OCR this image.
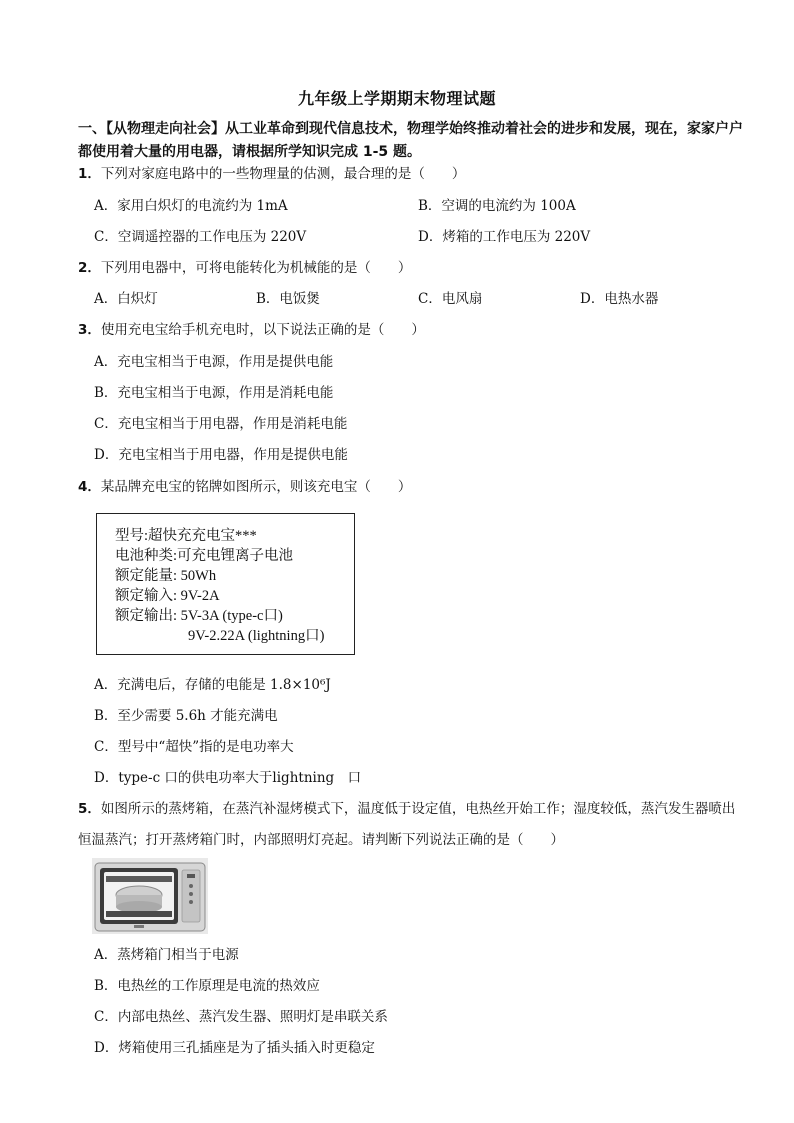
九年级上学期期末物理试题
一、【从物理走向社会】从工业革命到现代信息技术，物理学始终推动着社会的进步和发展，现在，家家户户都使用着大量的用电器，请根据所学知识完成 1-5 题。
1．下列对家庭电路中的一些物理量的估测，最合理的是（　　）
A．家用白炽灯的电流约为 1mA	B．空调的电流约为 100A
C．空调遥控器的工作电压为 220V	D．烤箱的工作电压为 220V
2．下列用电器中，可将电能转化为机械能的是（　　）
A．白炽灯	B．电饭煲	C．电风扇	D．电热水器
3．使用充电宝给手机充电时，以下说法正确的是（　　）
A．充电宝相当于电源，作用是提供电能
B．充电宝相当于电源，作用是消耗电能
C．充电宝相当于用电器，作用是消耗电能
D．充电宝相当于用电器，作用是提供电能
4．某品牌充电宝的铭牌如图所示，则该充电宝（　　）
型号:超快充充电宝***
电池种类:可充电锂离子电池
额定能量: 50Wh
额定输入: 9V-2A
额定输出: 5V-3A (type-c口)
9V-2.22A (lightning口)
A．充满电后，存储的电能是 1.8×10⁶J
B．至少需要 5.6h 才能充满电
C．型号中“超快”指的是电功率大
D．type-c 口的供电功率大于lightning　口
5．如图所示的蒸烤箱，在蒸汽补湿烤模式下，温度低于设定值，电热丝开始工作；湿度较低，蒸汽发生器喷出恒温蒸汽；打开蒸烤箱门时，内部照明灯亮起。请判断下列说法正确的是（　　）
A．蒸烤箱门相当于电源
B．电热丝的工作原理是电流的热效应
C．内部电热丝、蒸汽发生器、照明灯是串联关系
D．烤箱使用三孔插座是为了插头插入时更稳定
